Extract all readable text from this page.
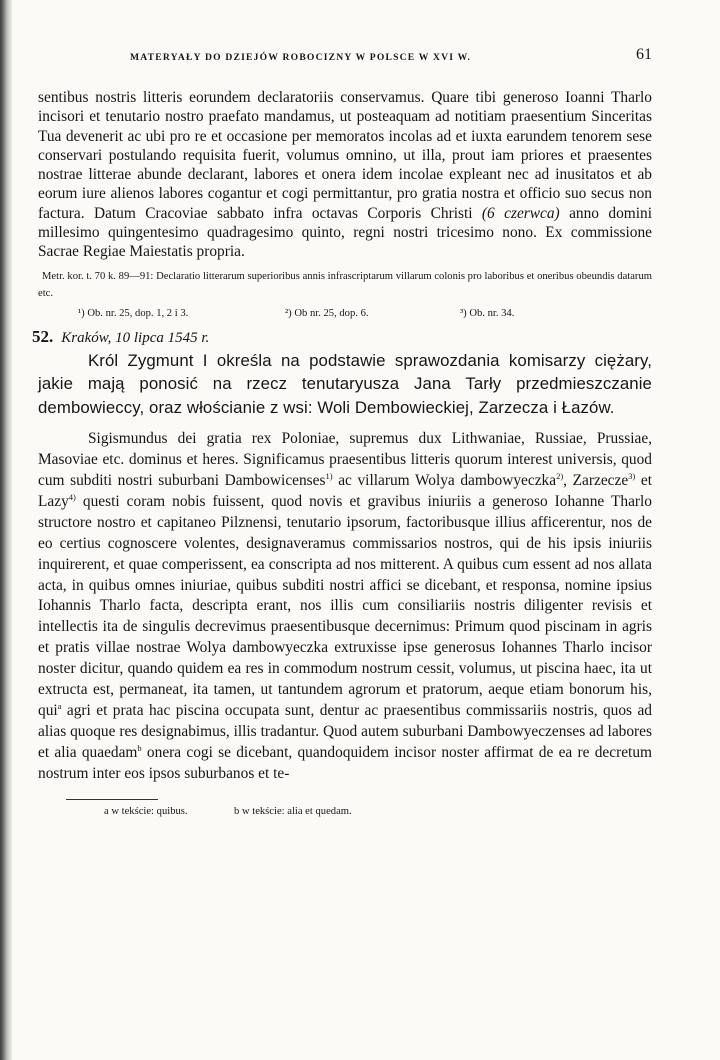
MATERYAŁY DO DZIEJÓW ROBOCIZNY W POLSCE W XVI W.	61

sentibus nostris litteris eorundem declaratoriis conservamus. Quare tibi generoso Ioanni Tharlo incisori et tenutario nostro praefato mandamus, ut posteaquam ad notitiam praesentium Sinceritas Tua devenerit ac ubi pro re et occasione per memoratos incolas ad et iuxta earundem tenorem sese conservari postulando requisita fuerit, volumus omnino, ut illa, prout iam priores et praesentes nostrae litterae abunde declarant, labores et onera idem incolae expleant nec ad inusitatos et ab eorum iure alienos labores cogantur et cogi permittantur, pro gratia nostra et officio suo secus non factura. Datum Cracoviae sabbato infra octavas Corporis Christi (6 czerwca) anno domini millesimo quingentesimo quadragesimo quinto, regni nostri tricesimo nono. Ex commissione Sacrae Regiae Maiestatis propria.

Metr. kor. t. 70 k. 89—91: Declaratio litterarum superioribus annis infrascriptarum villarum colonis pro laboribus et oneribus obeundis datarum etc.

¹) Ob. nr. 25, dop. 1, 2 i 3.	²) Ob nr. 25, dop. 6.	³) Ob. nr. 34.
52. Kraków, 10 lipca 1545 r.

Król Zygmunt I określa na podstawie sprawozdania komisarzy ciężary, jakie mają ponosić na rzecz tenutaryusza Jana Tarły przedmieszczanie dembowieccy, oraz włościanie z wsi: Woli Dembowieckiej, Zarzecza i Łazów.

Sigismundus dei gratia rex Poloniae, supremus dux Lithwaniae, Russiae, Prussiae, Masoviae etc. dominus et heres. Significamus praesentibus litteris quorum interest universis, quod cum subditi nostri suburbani Dambowicenses$^{1)}$ ac villarum Wolya dambowyeczka$^{2)}$, Zarzecze$^{3)}$ et Lazy$^{4)}$ questi coram nobis fuissent, quod novis et gravibus iniuriis a generoso Iohanne Tharlo structore nostro et capitaneo Pilznensi, tenutario ipsorum, factoribusque illius afficerentur, nos de eo certius cognoscere volentes, designaveramus commissarios nostros, qui de his ipsis iniuriis inquirerent, et quae comperissent, ea conscripta ad nos mitterent. A quibus cum essent ad nos allata acta, in quibus omnes iniuriae, quibus subditi nostri affici se dicebant, et responsa, nomine ipsius Iohannis Tharlo facta, descripta erant, nos illis cum consiliariis nostris diligenter revisis et intellectis ita de singulis decrevimus praesentibusque decernimus: Primum quod piscinam in agris et pratis villae nostrae Wolya dambowyeczka extruxisse ipse generosus Iohannes Tharlo incisor noster dicitur, quando quidem ea res in commodum nostrum cessit, volumus, ut piscina haec, ita ut extructa est, permaneat, ita tamen, ut tantundem agrorum et pratorum, aeque etiam bonorum his, qui$^a$ agri et prata hac piscina occupata sunt, dentur ac praesentibus commissariis nostris, quos ad alias quoque res designabimus, illis tradantur. Quod autem suburbani Dambowyeczenses ad labores et alia quaedam$^b$ onera cogi se dicebant, quandoquidem incisor noster affirmat de ea re decretum nostrum inter eos ipsos suburbanos et te-

a w tekście: quibus.	b w tekście: alia et quedam.
